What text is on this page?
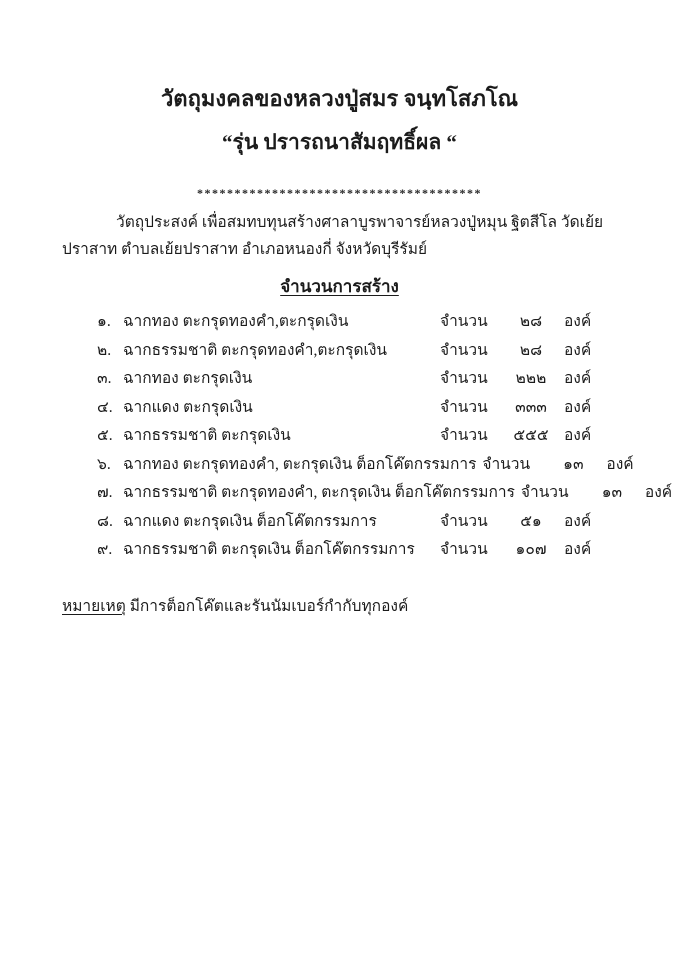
วัตถุมงคลของหลวงปู่สมร จนฺทโสภโณ
“รุ่น ปรารถนาสัมฤทธิ์ผล “
**************************************

วัตถุประสงค์ เพื่อสมทบทุนสร้างศาลาบูรพาจารย์หลวงปู่หมุน ฐิตสีโล วัดเย้ยปราสาท ตำบลเย้ยปราสาท อำเภอหนองกี่ จังหวัดบุรีรัมย์

จำนวนการสร้าง
๑. ฉากทอง ตะกรุดทองคำ,ตะกรุดเงิน	จำนวน	๒๘	องค์
๒. ฉากธรรมชาติ ตะกรุดทองคำ,ตะกรุดเงิน	จำนวน	๒๘	องค์
๓. ฉากทอง ตะกรุดเงิน	จำนวน	๒๒๒	องค์
๔. ฉากแดง ตะกรุดเงิน	จำนวน	๓๓๓	องค์
๕. ฉากธรรมชาติ ตะกรุดเงิน	จำนวน	๕๕๕ องค์
๖. ฉากทอง ตะกรุดทองคำ, ตะกรุดเงิน ต็อกโค๊ตกรรมการ จำนวน	๑๓	องค์
๗. ฉากธรรมชาติ ตะกรุดทองคำ, ตะกรุดเงิน ต็อกโค๊ตกรรมการ จำนวน	๑๓	องค์
๘. ฉากแดง ตะกรุดเงิน ต็อกโค๊ตกรรมการ	จำนวน	๕๑	องค์
๙. ฉากธรรมชาติ ตะกรุดเงิน ต็อกโค๊ตกรรมการ	จำนวน	๑๐๗	องค์

หมายเหตุ มีการต็อกโค๊ตและรันนัมเบอร์กำกับทุกองค์
